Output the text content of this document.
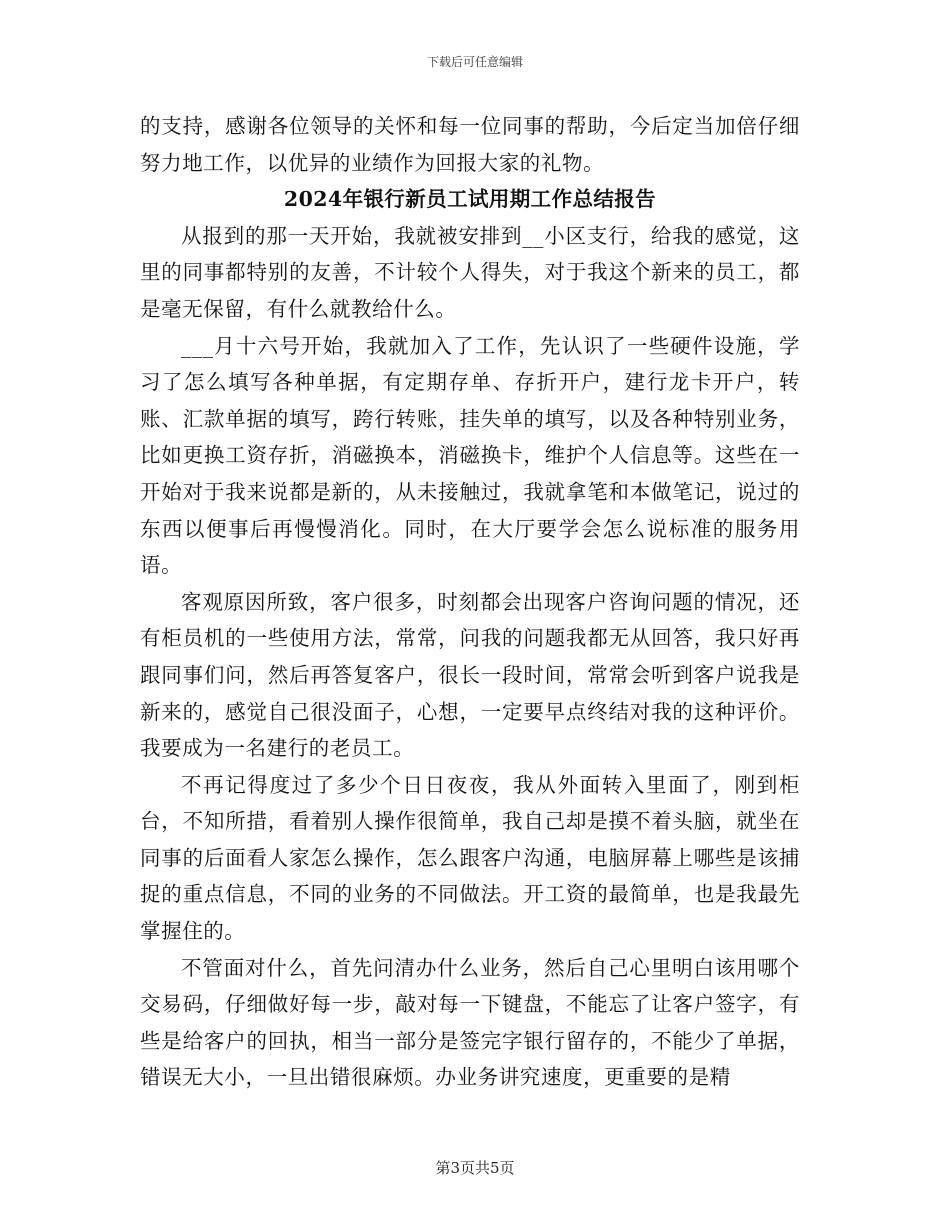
下载后可任意编辑

的支持，感谢各位领导的关怀和每一位同事的帮助，今后定当加倍仔细努力地工作，以优异的业绩作为回报大家的礼物。

2024年银行新员工试用期工作总结报告

从报到的那一天开始，我就被安排到__小区支行，给我的感觉，这里的同事都特别的友善，不计较个人得失，对于我这个新来的员工，都是毫无保留，有什么就教给什么。

___月十六号开始，我就加入了工作，先认识了一些硬件设施，学习了怎么填写各种单据，有定期存单、存折开户，建行龙卡开户，转账、汇款单据的填写，跨行转账，挂失单的填写，以及各种特别业务，比如更换工资存折，消磁换本，消磁换卡，维护个人信息等。这些在一开始对于我来说都是新的，从未接触过，我就拿笔和本做笔记，说过的东西以便事后再慢慢消化。同时，在大厅要学会怎么说标准的服务用语。

客观原因所致，客户很多，时刻都会出现客户咨询问题的情况，还有柜员机的一些使用方法，常常，问我的问题我都无从回答，我只好再跟同事们问，然后再答复客户，很长一段时间，常常会听到客户说我是新来的，感觉自己很没面子，心想，一定要早点终结对我的这种评价。我要成为一名建行的老员工。

不再记得度过了多少个日日夜夜，我从外面转入里面了，刚到柜台，不知所措，看着别人操作很简单，我自己却是摸不着头脑，就坐在同事的后面看人家怎么操作，怎么跟客户沟通，电脑屏幕上哪些是该捕捉的重点信息，不同的业务的不同做法。开工资的最简单，也是我最先掌握住的。

不管面对什么，首先问清办什么业务，然后自己心里明白该用哪个交易码，仔细做好每一步，敲对每一下键盘，不能忘了让客户签字，有些是给客户的回执，相当一部分是签完字银行留存的，不能少了单据，错误无大小，一旦出错很麻烦。办业务讲究速度，更重要的是精

第3页共5页
